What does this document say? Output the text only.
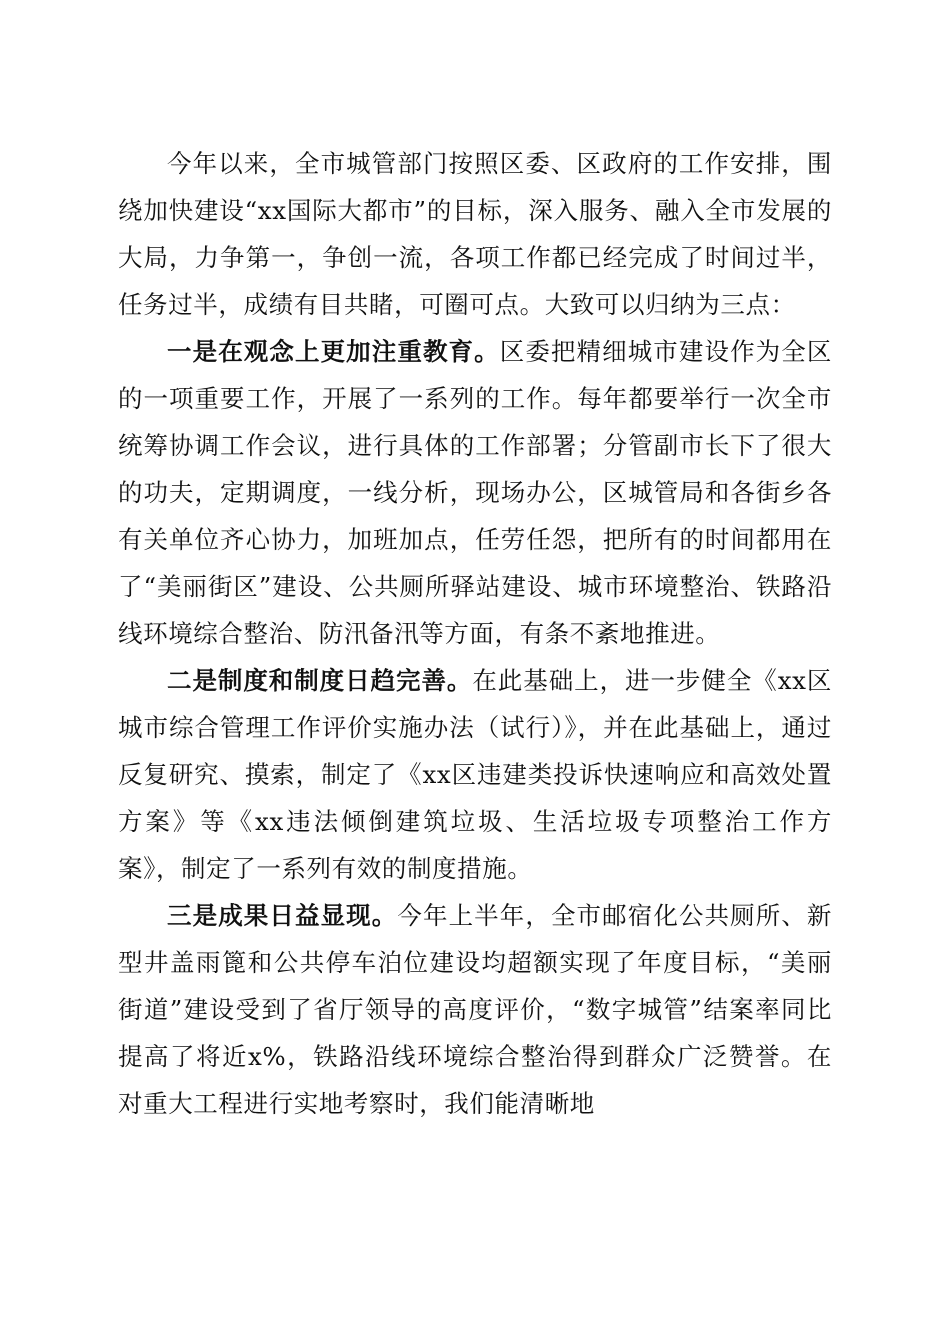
今年以来，全市城管部门按照区委、区政府的工作安排，围绕加快建设“xx国际大都市”的目标，深入服务、融入全市发展的大局，力争第一，争创一流，各项工作都已经完成了时间过半，任务过半，成绩有目共睹，可圈可点。大致可以归纳为三点：

一是在观念上更加注重教育。区委把精细城市建设作为全区的一项重要工作，开展了一系列的工作。每年都要举行一次全市统筹协调工作会议，进行具体的工作部署；分管副市长下了很大的功夫，定期调度，一线分析，现场办公，区城管局和各街乡各有关单位齐心协力，加班加点，任劳任怨，把所有的时间都用在了“美丽街区”建设、公共厕所驿站建设、城市环境整治、铁路沿线环境综合整治、防汛备汛等方面，有条不紊地推进。

二是制度和制度日趋完善。在此基础上，进一步健全《xx区城市综合管理工作评价实施办法（试行）》，并在此基础上，通过反复研究、摸索，制定了《xx区违建类投诉快速响应和高效处置方案》等《xx违法倾倒建筑垃圾、生活垃圾专项整治工作方案》，制定了一系列有效的制度措施。

三是成果日益显现。今年上半年，全市邮宿化公共厕所、新型井盖雨篦和公共停车泊位建设均超额实现了年度目标，“美丽街道”建设受到了省厅领导的高度评价，“数字城管”结案率同比提高了将近x%，铁路沿线环境综合整治得到群众广泛赞誉。在对重大工程进行实地考察时，我们能清晰地
